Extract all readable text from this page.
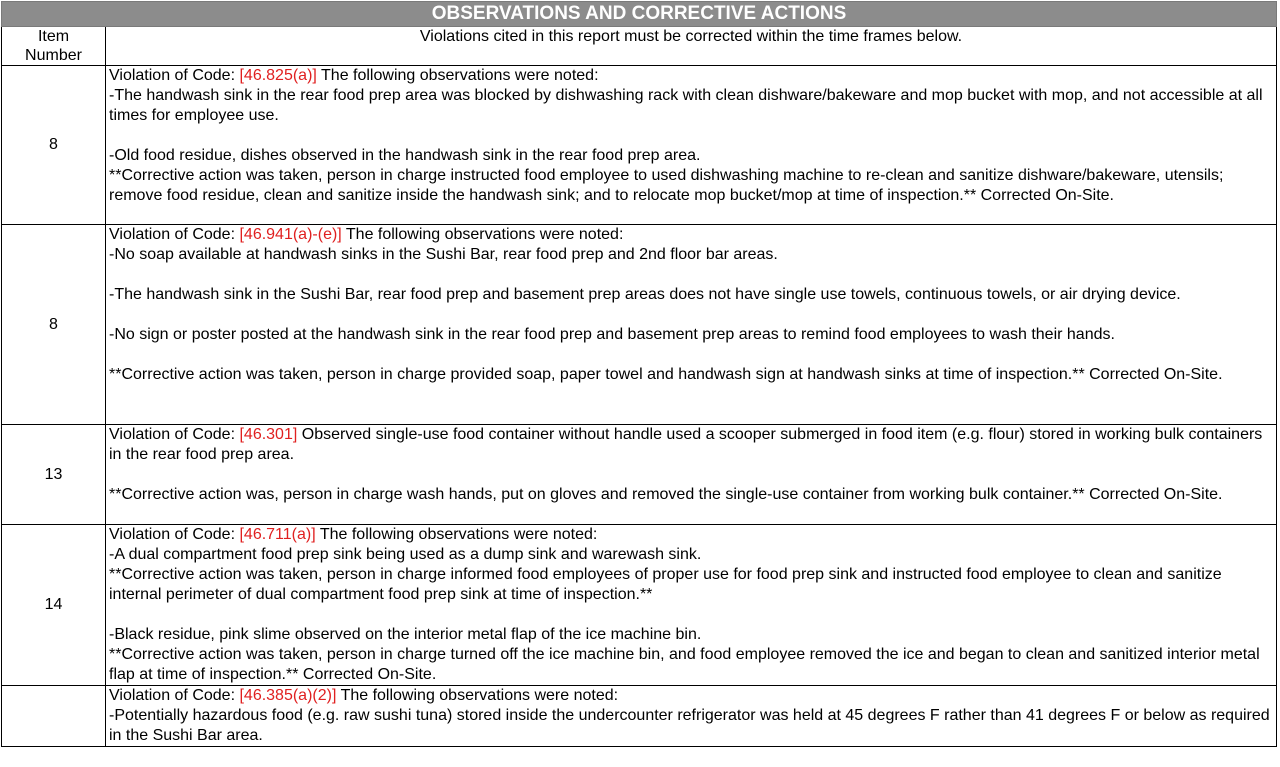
OBSERVATIONS AND CORRECTIVE ACTIONS	

Item
Number	Violations cited in this report must be corrected within the time frames below.
8	Violation of Code: [46.825(a)] The following observations were noted:
-The handwash sink in the rear food prep area was blocked by dishwashing rack with clean dishware/bakeware and mop bucket with mop, and not accessible at all times for employee use.
-Old food residue, dishes observed in the handwash sink in the rear food prep area.
**Corrective action was taken, person in charge instructed food employee to used dishwashing machine to re-clean and sanitize dishware/bakeware, utensils; remove food residue, clean and sanitize inside the handwash sink; and to relocate mop bucket/mop at time of inspection.** Corrected On-Site.

8	Violation of Code: [46.941(a)-(e)] The following observations were noted:
-No soap available at handwash sinks in the Sushi Bar, rear food prep and 2nd floor bar areas.
-The handwash sink in the Sushi Bar, rear food prep and basement prep areas does not have single use towels, continuous towels, or air drying device.
-No sign or poster posted at the handwash sink in the rear food prep and basement prep areas to remind food employees to wash their hands.
**Corrective action was taken, person in charge provided soap, paper towel and handwash sign at handwash sinks at time of inspection.** Corrected On-Site.

13	Violation of Code: [46.301] Observed single-use food container without handle used a scooper submerged in food item (e.g. flour) stored in working bulk containers in the rear food prep area.
**Corrective action was, person in charge wash hands, put on gloves and removed the single-use container from working bulk container.** Corrected On-Site.

14	Violation of Code: [46.711(a)] The following observations were noted:
-A dual compartment food prep sink being used as a dump sink and warewash sink.
**Corrective action was taken, person in charge informed food employees of proper use for food prep sink and instructed food employee to clean and sanitize internal perimeter of dual compartment food prep sink at time of inspection.**
-Black residue, pink slime observed on the interior metal flap of the ice machine bin.
**Corrective action was taken, person in charge turned off the ice machine bin, and food employee removed the ice and began to clean and sanitized interior metal flap at time of inspection.** Corrected On-Site.

	Violation of Code: [46.385(a)(2)] The following observations were noted:
-Potentially hazardous food (e.g. raw sushi tuna) stored inside the undercounter refrigerator was held at 45 degrees F rather than 41 degrees F or below as required in the Sushi Bar area.
